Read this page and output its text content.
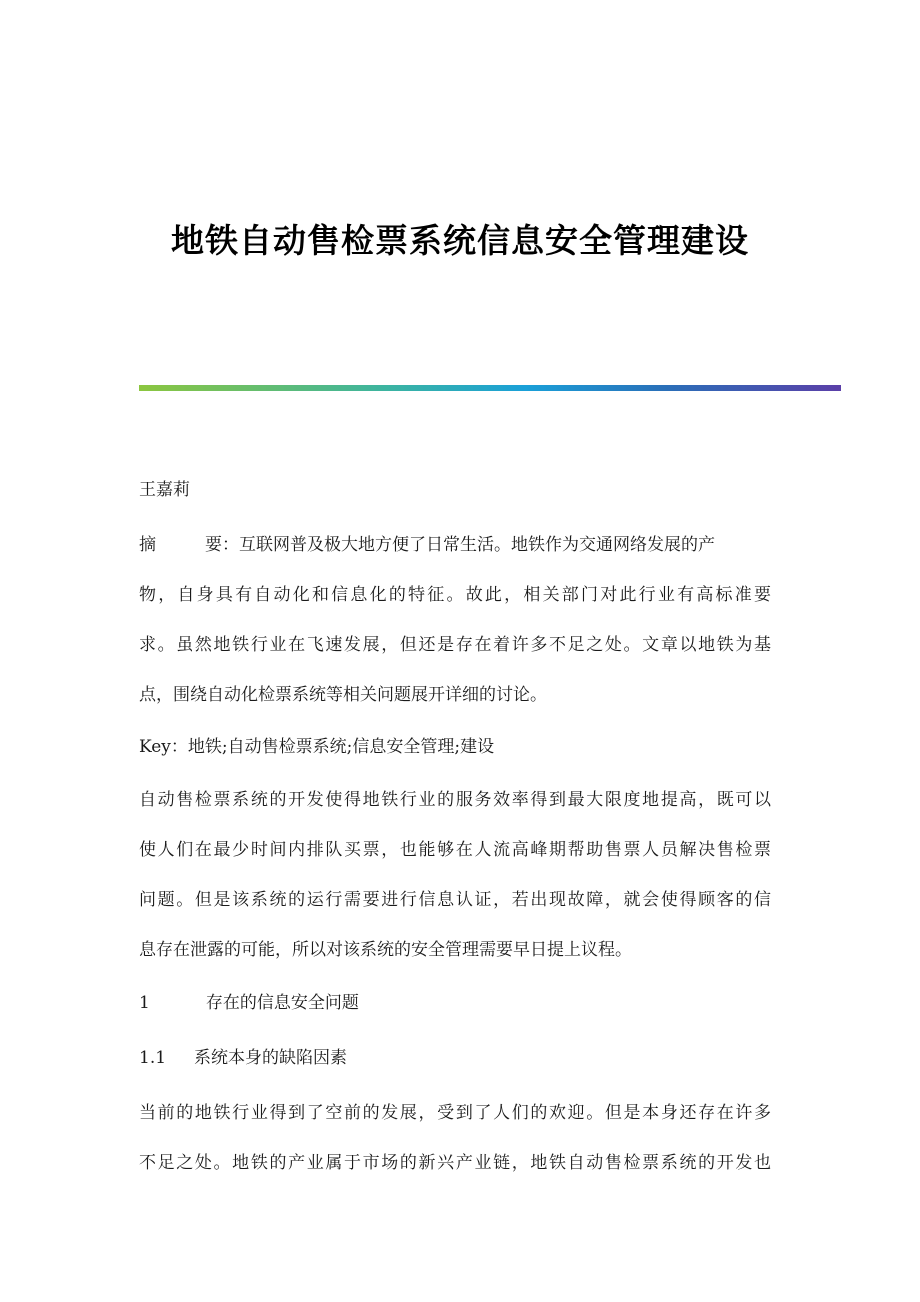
地铁自动售检票系统信息安全管理建设
王嘉莉
摘	要：互联网普及极大地方便了日常生活。地铁作为交通网络发展的产
物，自身具有自动化和信息化的特征。故此，相关部门对此行业有高标准要
求。虽然地铁行业在飞速发展，但还是存在着许多不足之处。文章以地铁为基
点，围绕自动化检票系统等相关问题展开详细的讨论。
Key：地铁;自动售检票系统;信息安全管理;建设
自动售检票系统的开发使得地铁行业的服务效率得到最大限度地提高，既可以
使人们在最少时间内排队买票，也能够在人流高峰期帮助售票人员解决售检票
问题。但是该系统的运行需要进行信息认证，若出现故障，就会使得顾客的信
息存在泄露的可能，所以对该系统的安全管理需要早日提上议程。
1	存在的信息安全问题
1.1 系统本身的缺陷因素
当前的地铁行业得到了空前的发展，受到了人们的欢迎。但是本身还存在许多
不足之处。地铁的产业属于市场的新兴产业链，地铁自动售检票系统的开发也
